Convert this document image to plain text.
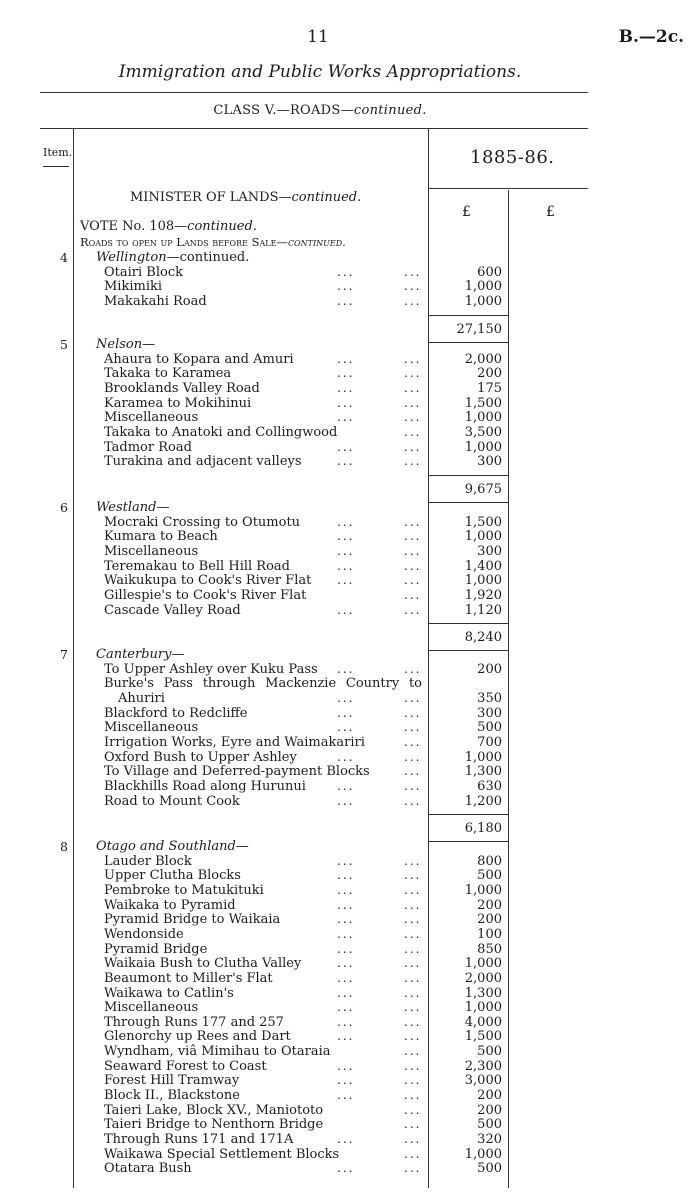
11	B.—2c.
Immigration and Public Works Appropriations.
CLASS V.—ROADS—continued.
Item.	1885-86.
MINISTER OF LANDS—continued.
£	£
VOTE No. 108—continued.
Roads to open up Lands before Sale—continued.
4 Wellington—continued.
Otairi Block	...	...	600
Mikimiki	...	...	1,000
Makakahi Road	...	...	1,000
27,150
5 Nelson—
Ahaura to Kopara and Amuri	...	...	2,000
Takaka to Karamea	...	...	200
Brooklands Valley Road	...	...	175
Karamea to Mokihinui	...	...	1,500
Miscellaneous	...	...	1,000
Takaka to Anatoki and Collingwood	...	3,500
Tadmor Road	...	...	1,000
Turakina and adjacent valleys	...	...	300
9,675
6 Westland—
Mocraki Crossing to Otumotu	...	...	1,500
Kumara to Beach	...	...	1,000
Miscellaneous	...	...	300
Teremakau to Bell Hill Road	...	...	1,400
Waikukupa to Cook's River Flat ...	...	1,000
Gillespie's to Cook's River Flat	...	1,920
Cascade Valley Road	...	...	1,120
8,240
7 Canterbury—
To Upper Ashley over Kuku Pass ...	...	200
Burke's Pass through Mackenzie Country to
Ahuriri	...	...	350
Blackford to Redcliffe	...	...	300
Miscellaneous	...	...	500
Irrigation Works, Eyre and Waimakariri	...	700
Oxford Bush to Upper Ashley	...	...	1,000
To Village and Deferred-payment Blocks	...	1,300
Blackhills Road along Hurunui	...	...	630
Road to Mount Cook	...	...	1,200
6,180
8 Otago and Southland—
Lauder Block	...	...	800
Upper Clutha Blocks	...	...	500
Pembroke to Matukituki	...	...	1,000
Waikaka to Pyramid	...	...	200
Pyramid Bridge to Waikaia	...	...	200
Wendonside	...	...	100
Pyramid Bridge	...	...	850
Waikaia Bush to Clutha Valley	...	...	1,000
Beaumont to Miller's Flat	...	...	2,000
Waikawa to Catlin's	...	...	1,300
Miscellaneous	...	...	1,000
Through Runs 177 and 257	...	...	4,000
Glenorchy up Rees and Dart	...	...	1,500
Wyndham, viâ Mimihau to Otaraia	...	500
Seaward Forest to Coast	...	...	2,300
Forest Hill Tramway	...	...	3,000
Block II., Blackstone	...	...	200
Taieri Lake, Block XV., Maniototo	...	200
Taieri Bridge to Nenthorn Bridge	...	500
Through Runs 171 and 171A	...	...	320
Waikawa Special Settlement Blocks	...	1,000
Otatara Bush	...	...	500
